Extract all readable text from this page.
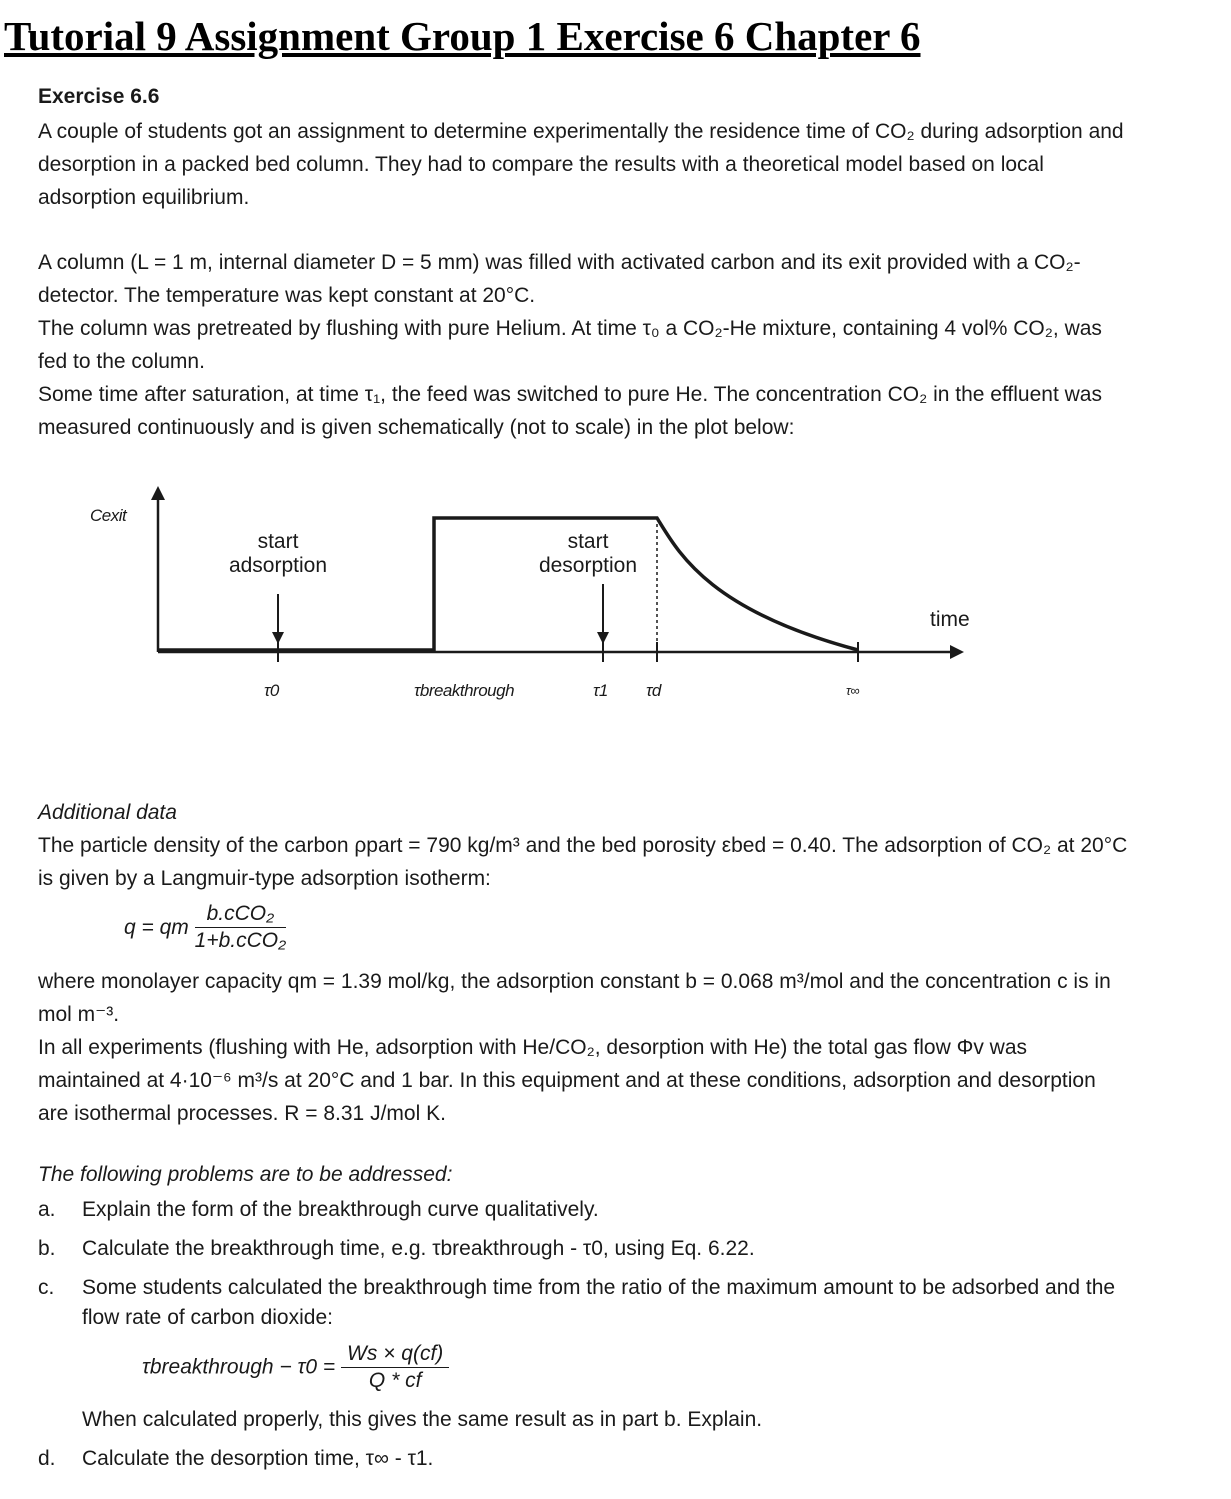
Tutorial 9 Assignment Group 1 Exercise 6 Chapter 6

Exercise 6.6

A couple of students got an assignment to determine experimentally the residence time of CO₂ during adsorption and desorption in a packed bed column. They had to compare the results with a theoretical model based on local adsorption equilibrium.

A column (L = 1 m, internal diameter D = 5 mm) was filled with activated carbon and its exit provided with a CO₂-detector. The temperature was kept constant at 20°C.

The column was pretreated by flushing with pure Helium. At time τ₀ a CO₂-He mixture, containing 4 vol% CO₂, was fed to the column.

Some time after saturation, at time τ₁, the feed was switched to pure He. The concentration CO₂ in the effluent was measured continuously and is given schematically (not to scale) in the plot below:

Cexit
start
adsorption
start
desorption
time
τ0	τbreakthrough	τ1 τd	τ∞

Additional data

The particle density of the carbon ρpart = 790 kg/m³ and the bed porosity εbed = 0.40. The adsorption of CO₂ at 20°C is given by a Langmuir-type adsorption isotherm:

q = qm $\frac{\text{b.cCO₂}}{\text{1+b.cCO₂}}$

where monolayer capacity qm = 1.39 mol/kg, the adsorption constant b = 0.068 m³/mol and the concentration c is in mol m⁻³.

In all experiments (flushing with He, adsorption with He/CO₂, desorption with He) the total gas flow Φv was maintained at 4·10⁻⁶ m³/s at 20°C and 1 bar. In this equipment and at these conditions, adsorption and desorption are isothermal processes. R = 8.31 J/mol K.

The following problems are to be addressed:

a. Explain the form of the breakthrough curve qualitatively.
b. Calculate the breakthrough time, e.g. τbreakthrough - τ0, using Eq. 6.22.
c. Some students calculated the breakthrough time from the ratio of the maximum amount to be adsorbed and the flow rate of carbon dioxide:
τbreakthrough − $\tau 0 = \frac{Ws \times q(cf)}{Q * cf}$
When calculated properly, this gives the same result as in part b. Explain.
d. Calculate the desorption time, τ∞ - τ1.
